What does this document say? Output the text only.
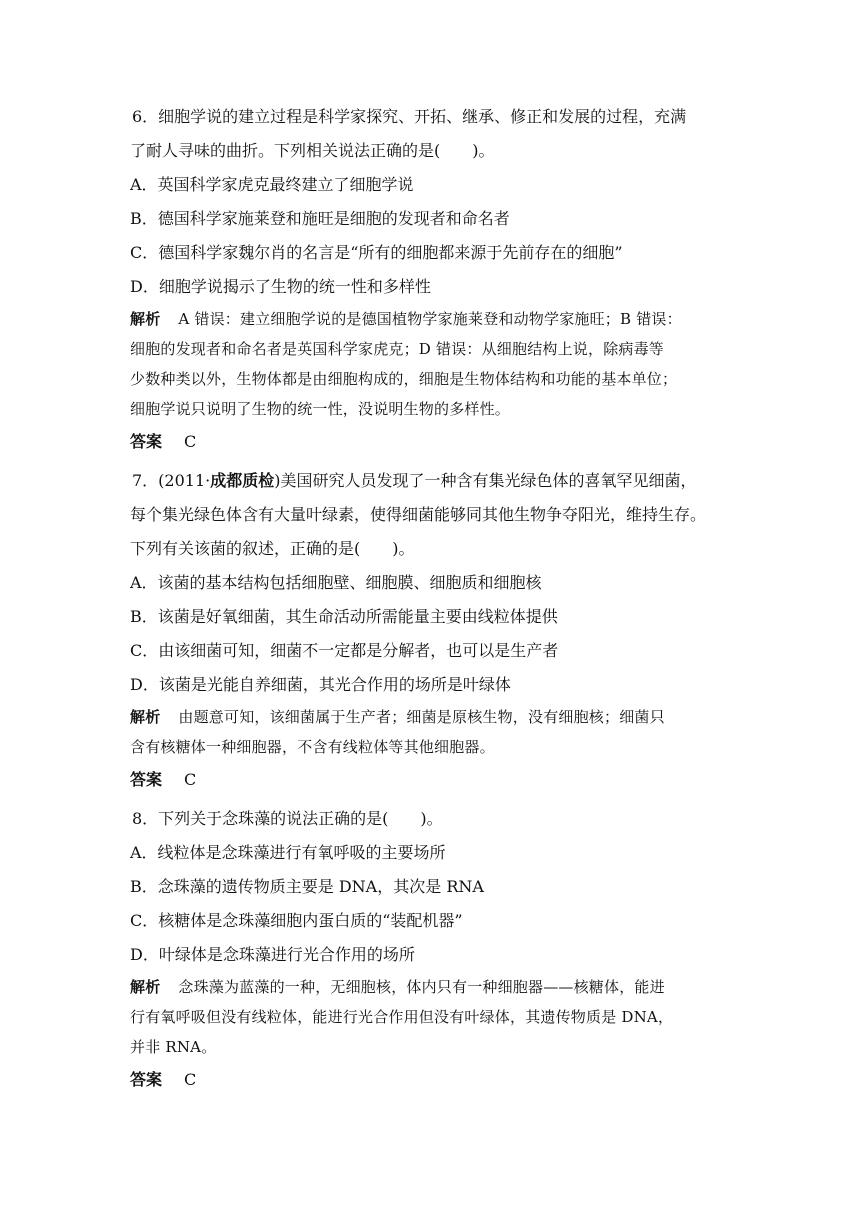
6．细胞学说的建立过程是科学家探究、开拓、继承、修正和发展的过程，充满
了耐人寻味的曲折。下列相关说法正确的是(　　)。
A．英国科学家虎克最终建立了细胞学说
B．德国科学家施莱登和施旺是细胞的发现者和命名者
C．德国科学家魏尔肖的名言是“所有的细胞都来源于先前存在的细胞”
D．细胞学说揭示了生物的统一性和多样性
解析 A 错误：建立细胞学说的是德国植物学家施莱登和动物学家施旺；B 错误：
细胞的发现者和命名者是英国科学家虎克；D 错误：从细胞结构上说，除病毒等
少数种类以外，生物体都是由细胞构成的，细胞是生物体结构和功能的基本单位；
细胞学说只说明了生物的统一性，没说明生物的多样性。
答案 C
7．(2011·成都质检)美国研究人员发现了一种含有集光绿色体的喜氧罕见细菌，
每个集光绿色体含有大量叶绿素，使得细菌能够同其他生物争夺阳光，维持生存。
下列有关该菌的叙述，正确的是(　　)。
A．该菌的基本结构包括细胞壁、细胞膜、细胞质和细胞核
B．该菌是好氧细菌，其生命活动所需能量主要由线粒体提供
C．由该细菌可知，细菌不一定都是分解者，也可以是生产者
D．该菌是光能自养细菌，其光合作用的场所是叶绿体
解析 由题意可知，该细菌属于生产者；细菌是原核生物，没有细胞核；细菌只
含有核糖体一种细胞器，不含有线粒体等其他细胞器。
答案 C
8．下列关于念珠藻的说法正确的是(　　)。
A．线粒体是念珠藻进行有氧呼吸的主要场所
B．念珠藻的遗传物质主要是 DNA，其次是 RNA
C．核糖体是念珠藻细胞内蛋白质的“装配机器”
D．叶绿体是念珠藻进行光合作用的场所
解析 念珠藻为蓝藻的一种，无细胞核，体内只有一种细胞器——核糖体，能进
行有氧呼吸但没有线粒体，能进行光合作用但没有叶绿体，其遗传物质是 DNA，
并非 RNA。
答案 C
